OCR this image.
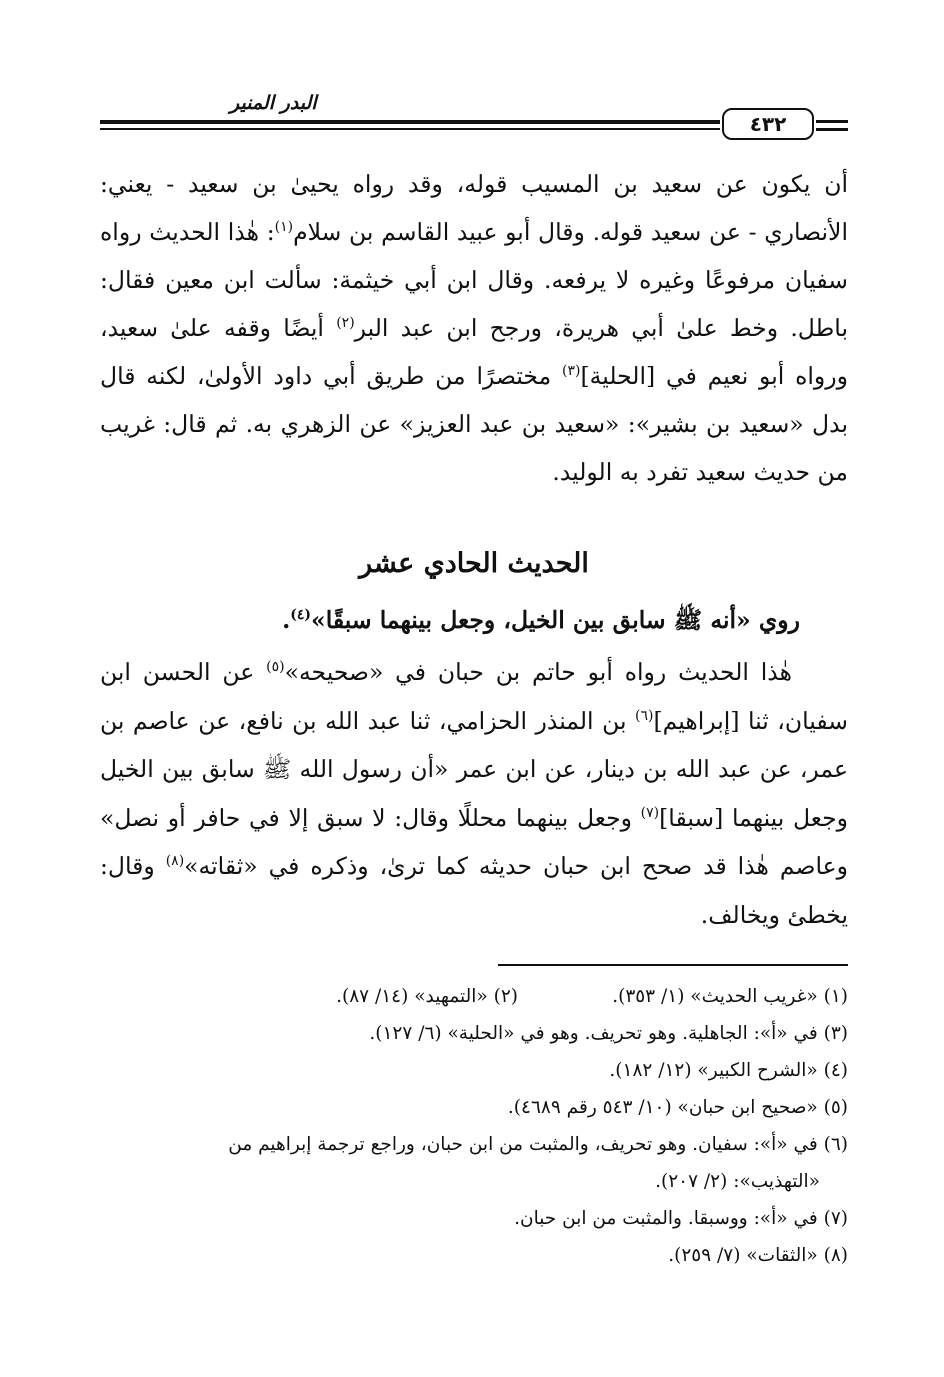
البدر المنير
٤٣٢

أن يكون عن سعيد بن المسيب قوله، وقد رواه يحيىٰ بن سعيد - يعني: الأنصاري - عن سعيد قوله. وقال أبو عبيد القاسم بن سلام$^{(١)}$: هٰذا الحديث رواه سفيان مرفوعًا وغيره لا يرفعه. وقال ابن أبي خيثمة: سألت ابن معين فقال: باطل. وخط علىٰ أبي هريرة، ورجح ابن عبد البر$^{(٢)}$ أيضًا وقفه علىٰ سعيد، ورواه أبو نعيم في [الحلية]$^{(٣)}$ مختصرًا من طريق أبي داود الأولىٰ، لكنه قال بدل «سعيد بن بشير»: «سعيد بن عبد العزيز» عن الزهري به. ثم قال: غريب من حديث سعيد تفرد به الوليد.

الحديث الحادي عشر
روي «أنه ﷺ سابق بين الخيل، وجعل بينهما سبقًا»$^{(٤)}$.

هٰذا الحديث رواه أبو حاتم بن حبان في «صحيحه»$^{(٥)}$ عن الحسن ابن سفيان، ثنا [إبراهيم]$^{(٦)}$ بن المنذر الحزامي، ثنا عبد الله بن نافع، عن عاصم بن عمر، عن عبد الله بن دينار، عن ابن عمر «أن رسول الله ﷺ سابق بين الخيل وجعل بينهما [سبقا]$^{(٧)}$ وجعل بينهما محللًا وقال: لا سبق إلا في حافر أو نصل» وعاصم هٰذا قد صحح ابن حبان حديثه كما ترىٰ، وذكره في «ثقاته»$^{(٨)}$ وقال: يخطئ ويخالف.

(١) «غريب الحديث» (١/ ٣٥٣).
(٢) «التمهيد» (١٤/ ٨٧).
(٣) في «أ»: الجاهلية. وهو تحريف. وهو في «الحلية» (٦/ ١٢٧).
(٤) «الشرح الكبير» (١٢/ ١٨٢).
(٥) «صحيح ابن حبان» (١٠/ ٥٤٣ رقم ٤٦٨٩).
(٦) في «أ»: سفيان. وهو تحريف، والمثبت من ابن حبان، وراجع ترجمة إبراهيم من
«التهذيب»: (٢/ ٢٠٧).
(٧) في «أ»: ووسبقا. والمثبت من ابن حبان.
(٨) «الثقات» (٧/ ٢٥٩).
